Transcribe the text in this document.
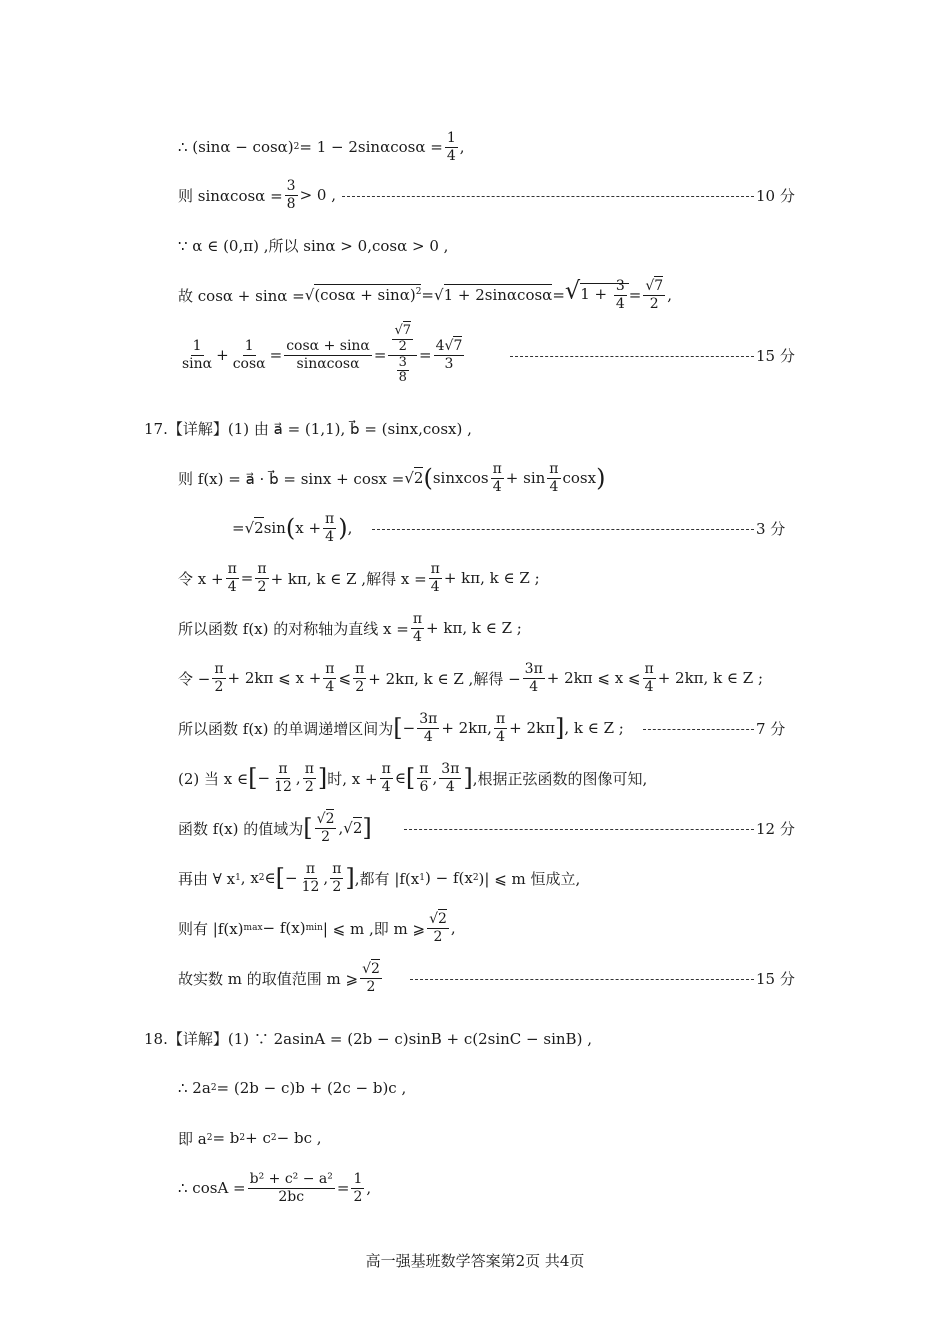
∴ (sinα − cosα) $2 = 1 - 2\sin\alpha\cos\alpha = \frac{1}{4}$ ,
则 $\sin\alpha\cos\alpha = \frac{3}{8} > 0$ ,	10 分
∵ α ∈ (0,π) ,所以 sinα > 0,cosα > 0 ,
故 $\cos\alpha + \sin\alpha = √(\cos\alpha + \sin\alpha)^2 = √1 + 2\sin\alpha\cos\alpha = √1 + \frac{3}{4} = \frac{√7}{2}$ ,
$\frac{1}{\sin\alpha} + \frac{1}{\cos\alpha} = \frac{\cos\alpha + \sin\alpha}{\sin\alpha\cos\alpha} = \frac{\frac{√7}{2}}{\frac{3}{8}} = \frac{4√7}{3}$	15 分
17.【详解】(1) 由 a⃗ = (1,1), b⃗ = (sinx,cosx) ,
则 f(x) = a⃗ · b⃗ = sinx + cosx = √2 ( sinxcos $\frac{\pi}{4} + \sin \frac{\pi}{4}$ cosx )
= √2 sin ( $x + \frac{\pi}{4}$ ) ,	3 分
令 $x + \frac{\pi}{4} = \frac{\pi}{2} + k\pi$, k ∈ Z ,解得 $x = \frac{\pi}{4} + k\pi$, k ∈ Z ;
所以函数 f(x) 的对称轴为直线 $x = \frac{\pi}{4} + k\pi$, k ∈ Z ;
令 − $\frac{\pi}{2} + 2k\pi$ ⩽ $x + \frac{\pi}{4}$ ⩽ $\frac{\pi}{2} + 2k\pi$, k ∈ Z ,解得 − $\frac{3\pi}{4} + 2k\pi$ ⩽ x ⩽ $\frac{\pi}{4} + 2k\pi$, k ∈ Z ;
所以函数 f(x) 的单调递增区间为 [ − $\frac{3\pi}{4} + 2k\pi$, $\frac{\pi}{4} + 2k\pi$ ] , k ∈ Z ;	7 分
(2) 当 x ∈ [ − $\frac{\pi}{12}$ , $\frac{\pi}{2}$ ] 时, $x + \frac{\pi}{4}$ ∈ [ $\frac{\pi}{6}$ , $\frac{3\pi}{4}$ ] ,根据正弦函数的图像可知,
函数 f(x) 的值域为 [ $\frac{√2}{2}$ , √2 ]	12 分
再由 ∀ x 1 , x 2 ∈ [ − $\frac{\pi}{12}$ , $\frac{\pi}{2}$ ] ,都有 |f(x 1 ) − f(x 2 )| ⩽ m 恒成立,
则有 |f(x) max − f(x) min | ⩽ m ,即 m ⩾ $\frac{√2}{2}$ ,
故实数 m 的取值范围 m ⩾ $\frac{√2}{2}$	15 分
18.【详解】(1) ∵ 2asinA = (2b − c)sinB + c(2sinC − sinB) ,
∴ 2a 2 = (2b − c)b + (2c − b)c ,
即 a 2 = b 2 + c 2 − bc ,
∴ $\cos A = \frac{\text{b² + c² − a²}}{2bc} = \frac{1}{2}$ ,
高一强基班数学答案第2页 共4页
